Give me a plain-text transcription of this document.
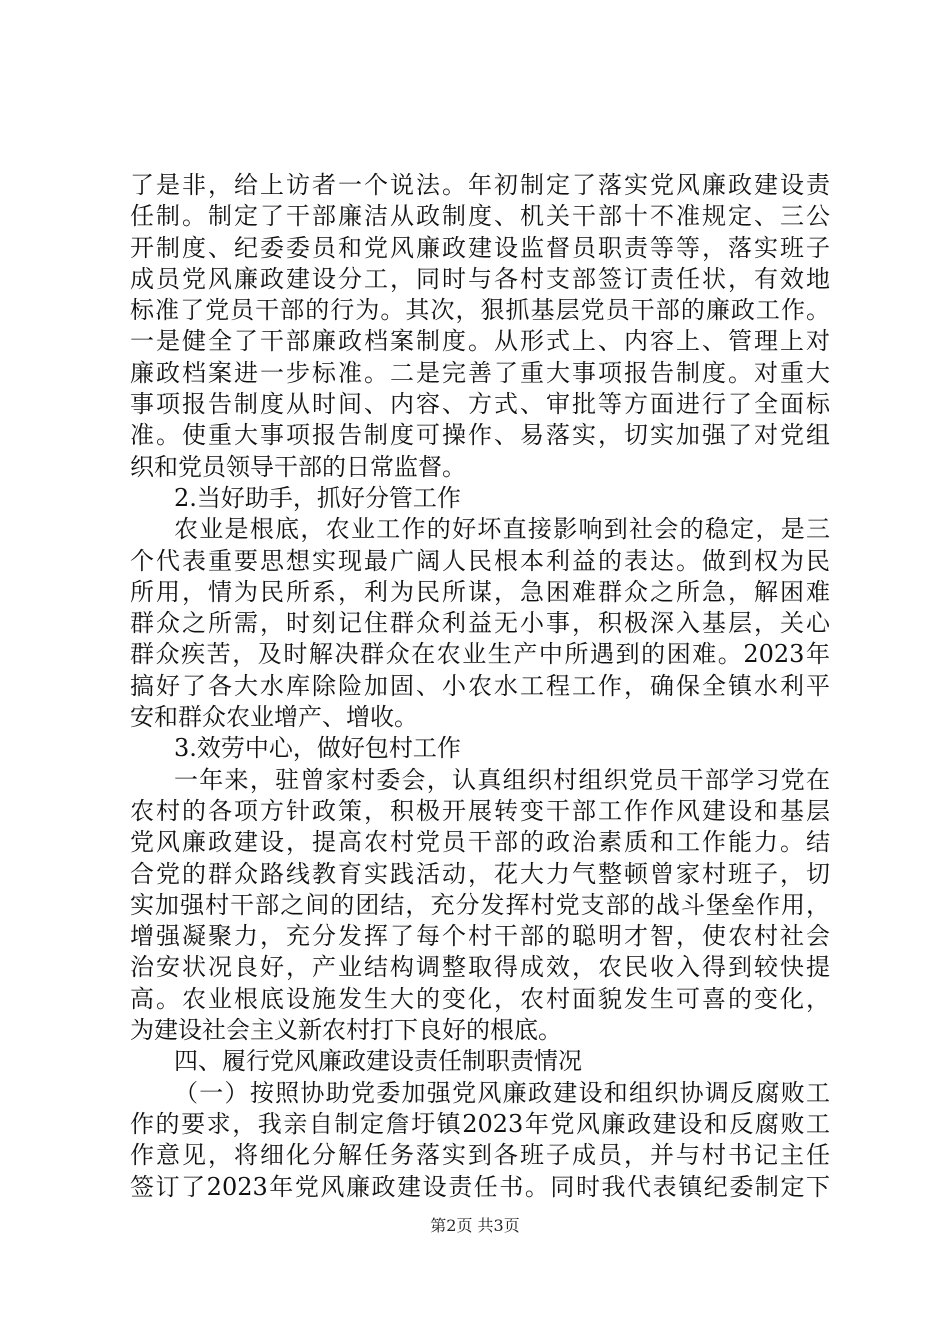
了是非，给上访者一个说法。年初制定了落实党风廉政建设责
任制。制定了干部廉洁从政制度、机关干部十不准规定、三公
开制度、纪委委员和党风廉政建设监督员职责等等，落实班子
成员党风廉政建设分工，同时与各村支部签订责任状，有效地
标准了党员干部的行为。其次，狠抓基层党员干部的廉政工作。
一是健全了干部廉政档案制度。从形式上、内容上、管理上对
廉政档案进一步标准。二是完善了重大事项报告制度。对重大
事项报告制度从时间、内容、方式、审批等方面进行了全面标
准。使重大事项报告制度可操作、易落实，切实加强了对党组
织和党员领导干部的日常监督。
2.当好助手，抓好分管工作
农业是根底，农业工作的好坏直接影响到社会的稳定，是三
个代表重要思想实现最广阔人民根本利益的表达。做到权为民
所用，情为民所系，利为民所谋，急困难群众之所急，解困难
群众之所需，时刻记住群众利益无小事，积极深入基层，关心
群众疾苦，及时解决群众在农业生产中所遇到的困难。2023年
搞好了各大水库除险加固、小农水工程工作，确保全镇水利平
安和群众农业增产、增收。
3.效劳中心，做好包村工作
一年来，驻曾家村委会，认真组织村组织党员干部学习党在
农村的各项方针政策，积极开展转变干部工作作风建设和基层
党风廉政建设，提高农村党员干部的政治素质和工作能力。结
合党的群众路线教育实践活动，花大力气整顿曾家村班子，切
实加强村干部之间的团结，充分发挥村党支部的战斗堡垒作用，
增强凝聚力，充分发挥了每个村干部的聪明才智，使农村社会
治安状况良好，产业结构调整取得成效，农民收入得到较快提
高。农业根底设施发生大的变化，农村面貌发生可喜的变化，
为建设社会主义新农村打下良好的根底。
四、履行党风廉政建设责任制职责情况
（一）按照协助党委加强党风廉政建设和组织协调反腐败工
作的要求，我亲自制定詹圩镇2023年党风廉政建设和反腐败工
作意见，将细化分解任务落实到各班子成员，并与村书记主任
签订了2023年党风廉政建设责任书。同时我代表镇纪委制定下
第2页 共3页
